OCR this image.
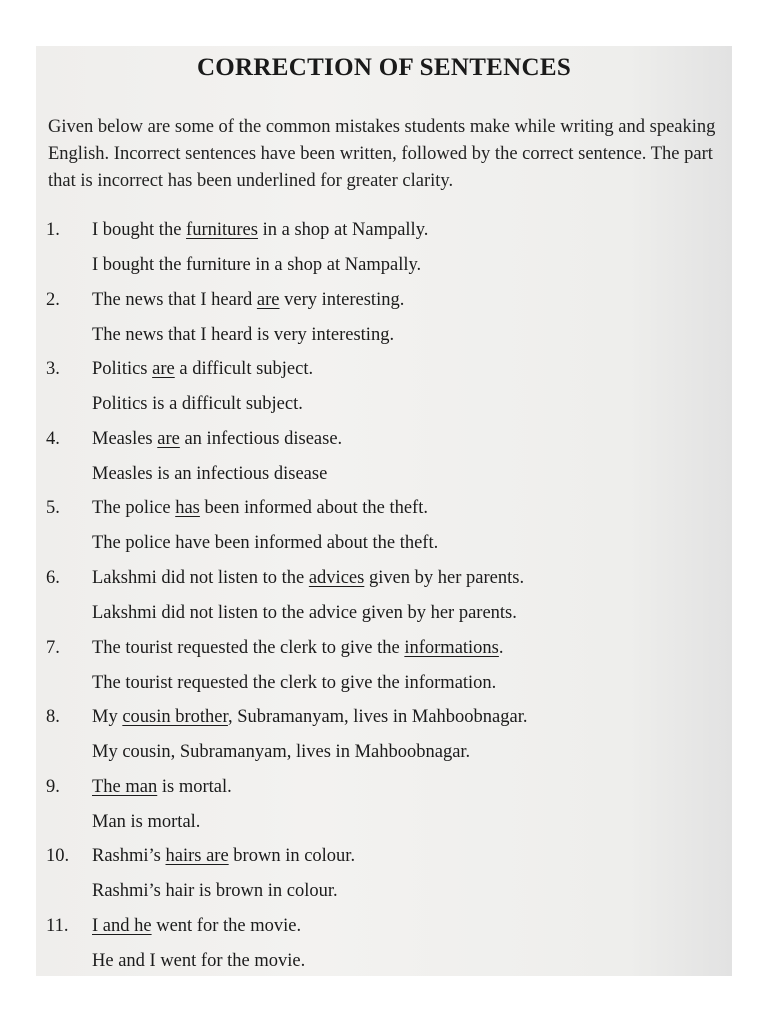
CORRECTION OF SENTENCES
Given below are some of the common mistakes students make while writing and speaking English. Incorrect sentences have been written, followed by the correct sentence. The part that is incorrect has been underlined for greater clarity.
1. I bought the furnitures in a shop at Nampally.
I bought the furniture in a shop at Nampally.
2. The news that I heard are very interesting.
The news that I heard is very interesting.
3. Politics are a difficult subject.
Politics is a difficult subject.
4. Measles are an infectious disease.
Measles is an infectious disease
5. The police has been informed about the theft.
The police have been informed about the theft.
6. Lakshmi did not listen to the advices given by her parents.
Lakshmi did not listen to the advice given by her parents.
7. The tourist requested the clerk to give the informations.
The tourist requested the clerk to give the information.
8. My cousin brother, Subramanyam, lives in Mahboobnagar.
My cousin, Subramanyam, lives in Mahboobnagar.
9. The man is mortal.
Man is mortal.
10. Rashmi’s hairs are brown in colour.
Rashmi’s hair is brown in colour.
11. I and he went for the movie.
He and I went for the movie.
